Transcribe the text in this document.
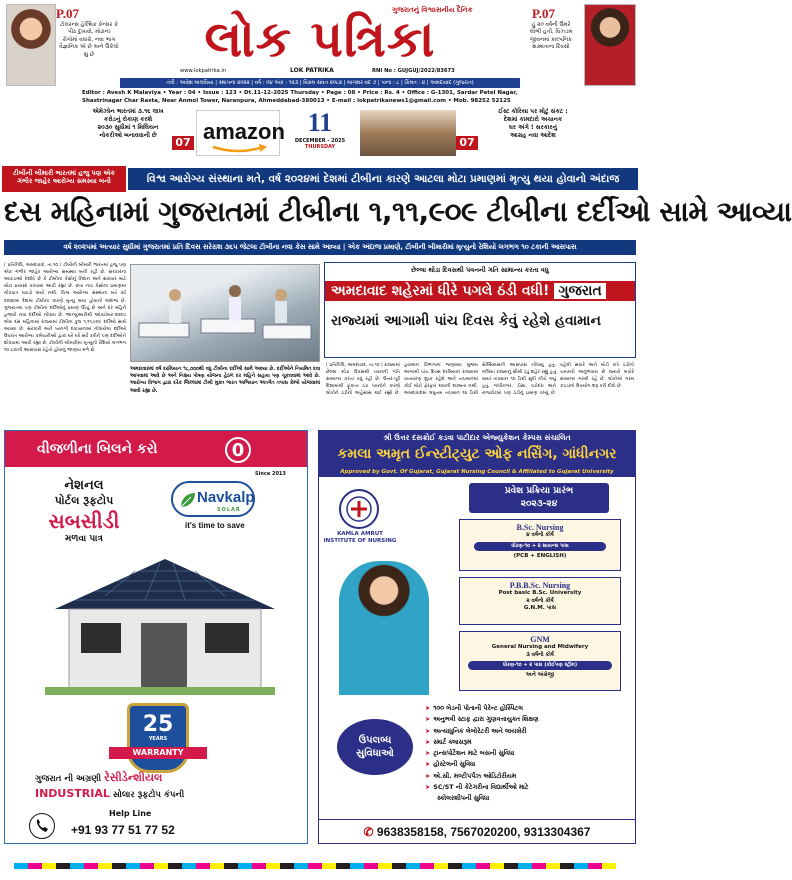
P.07
ટોલરન્સ હેલ્થિક કેન્સર કે
પીઠ દુખાવો, મોઢાના
રોગોમાં વધારો, નવા ભાગ
વૈજ્ઞાનિક એ છે અને ઉકેલો શું છે
P.07
હું ૨૦ વર્ષની ઉંમરે
લોભી હતી, વિઝડમ
જીવનમાં કાલ્પનિક
શક્યતાના દિવસો
ગુજરાતનું વિશ્વાસનીય દૈનિક
લોક પત્રિકા
www.lokpatrika.in	LOK PATRIKA	RNI No : GUJGUJ/2022/83673
તંત્રી : અવેશ માલવિયા | સ્થાપના ૨૦૨૨ | વર્ષ : ૦૪ અંક : ૧૨૩ | વિક્રમ સંવત ૨૦૮૨ | માગશર વદ ૭ | પાના : ૮ | કિંમત : ૪ | અમદાવાદ (ગુજરાત)
Editor : Avesh K Malaviya • Year : 04 • Issue : 123 • Dt.11-12-2025 Thursday • Page : 08 • Price : Rs. 4 • Office : G-1301, Sardar Patel Nagar,
Shastrinagar Char Rasta, Near Anmol Tower, Naranpura, Ahmeddabad-380013 • E-mail : lokpatrikanews1@gmail.com • Mob. 98252 52125
એમેઝોન ભારતમાં ૩.૧૬ લાખ
કરોડનું રોકાણ કરશે
૨૦૩૦ સુધીમાં ૧ મિલિયન
નોકરીઓ બનાવવાની છે
07 amazon 11
DECEMBER - 2025
THURSDAY	07
ઈસ્ટ કોરિયા પર મોટું સંકટ :
દેશમાં કામદારો અચાનક
ઘર અંગે ! સરકારનું
આગ્રહ નવા આદેશ
ટીબીની બીમારી ભારતમાં હજુ પણ એક ગંભીર જાહેર આરોગ્ય સમસ્યા બની	વિશ્વ આરોગ્ય સંસ્થાના મતે, વર્ષ ૨૦૨૪માં દેશમાં ટીબીના કારણે આટલા મોટા પ્રમાણમાં મૃત્યુ થયા હોવાનો અંદાજ
દસ મહિનામાં ગુજરાતમાં ટીબીના ૧,૧૧,૯૦૯ ટીબીના દર્દીઓ સામે આવ્યા
વર્ષ ૨૦૨૫માં અત્યાર સુધીમાં ગુજરાતમાં પ્રતિ દિવસ સરેરાશ ૩૬૫ જેટલા ટીબીના નવા કેસ સામે આવ્યા | એક અંદાજ પ્રમાણે, ટીબીની બીમારીમાં મૃત્યુનો રેશિયો લગભગ ૧૦ ટકાની આસપાસ
( પ્રતિનિધિ, અમદાવાદ, તા.૧૦ ) ટીબીની બીમારી ભારતમાં હજુ પણ એક ગંભીર જાહેર આરોગ્ય સમસ્યા બની રહી છે. સરકારના આંકડાઓ દર્શાવે છે કે ટીબીના કેસોનું નિદાન અને સારવાર માટે મોટા પ્રયાસો કરવામાં આવી રહ્યા છે. છતાં નવા કેસોના પ્રમાણમાં નોંધપાત્ર ઘટાડો થયો નથી. વિશ્વ આરોગ્ય સંસ્થાના મતે વર્ષ ૨૦૨૪માં દેશમાં ટીબીના કારણે મૃત્યુ થયા હોવાનો અંદાજ છે. ગુજરાતમાં પણ ટીબીના દર્દીઓનું પ્રમાણ ઊંચું છે અને દર મહિને હજારો નવા દર્દીઓ નોંધાય છે. જાન્યુઆરીથી ઓક્ટોબર-૨૦૨૫ એમ દસ મહિનામાં રાજ્યમાં ટીબીના કુલ ૧,૧૧,૯૦૯ દર્દીઓ સામે આવ્યા છે. સરકારી અને ખાનગી દવાખાનામાં નોંધાયેલા દર્દીઓ ઉપરાંત આરોગ્ય કર્મચારીઓ દ્વારા ઘરે ઘરે સર્વે કરીને પણ દર્દીઓને શોધવામાં આવી રહ્યા છે. ટીબીની બીમારીમાં મૃત્યુનો રેશિયો લગભગ ૧૦ ટકાની આસપાસ રહેતો હોવાનું જાણવા મળે છે.
અમદાવાદમાં વર્ષ દરમિયાન ૧૮,૦૦૦થી વધુ ટીબીના દર્દીઓ સામે આવ્યા છે. દર્દીઓને નિયમિત દવા આપવામાં આવે છે અને નિક્ષય પોષણ યોજના હેઠળ દર મહિને સહાય પણ ચૂકવવામાં આવે છે. આરોગ્ય વિભાગ દ્વારા દરેક જિલ્લામાં ટીબી મુક્ત ભારત અભિયાન અંતર્ગત તપાસ કેમ્પો યોજવામાં આવી રહ્યા છે.
છેલ્લા થોડા દિવસથી પવનની ગતિ સામાન્ય કરતા વધુ
અમદાવાદ શહેરમાં ધીરે પગલે ઠંડી વધી! ગુજરાત
રાજ્યમાં આગામી પાંચ દિવસ કેવું રહેશે હવામાન
( પ્રતિનિધિ, અમદાવાદ, તા.૧૦ ) રાજ્યમાં છેલ્લા થોડા દિવસથી પવનની ગતિ સામાન્ય કરતાં વધુ રહી છે. ઉત્તર-પૂર્વ દિશામાંથી ફૂંકાતા ઠંડા પવનોને કારણે લોકોને ઠંડીનો અહેસાસ થઈ રહ્યો છે. હવામાન વિભાગના જણાવ્યા મુજબ આગામી પાંચ દિવસ દરમિયાન રાજ્યમાં વાતાવરણ શુષ્ક રહેશે અને તાપમાનમાં કોઈ મોટો ફેરફાર થવાની શક્યતા નથી. અમદાવાદમાં લઘુત્તમ તાપમાન ૧૪ ડિગ્રી સેલ્સિયસની આસપાસ નોંધાયું હતું. નલિયા રાજ્યનું સૌથી ઠંડું શહેર રહ્યું હતું જ્યાં તાપમાન ૧૦ ડિગ્રી સુધી નીચે ગયું હતું. ગાંધીનગર, ડીસા, વડોદરા અને રાજકોટમાં પણ ઠંડીનું પ્રમાણ વધ્યું છે. વહેલી સવારે અને મોડી રાત્રે ઠંડીનો ચમકારો અનુભવાય છે જ્યારે બપોરે સામાન્ય ગરમી રહે છે. લોકોએ ગરમ કપડાંનો ઉપયોગ શરૂ કરી દીધો છે.
વીજળીના બિલને કરો	0
Since 2013
Navkalp
SOLAR
it's time to save
નેશનલ
પોર્ટલ રૂફટોપ
સબસીડી
મળવા પાત્ર
25
YEARS
WARRANTY
ગુજરાત ની અગ્રણી રેસીડેન્શીયલ
INDUSTRIAL સોલાર રૂફટોપ કંપની
Help Line
+91 93 77 51 77 52
શ્રી ઉત્તર દસક્રોઈ કડવા પાટીદાર એજ્યુકેશન કેમ્પસ સંચાલિત
કમલા અમૃત ઈન્સ્ટીટ્યુટ ઓફ નર્સિંગ, ગાંધીનગર
Approved by Govt. Of Gujarat, Gujarat Nursing Council & Affiliated to Gujarat University
KAMLA AMRUT
INSTITUTE OF NURSING
પ્રવેશ પ્રક્રિયા પ્રારંભ
૨૦૨૩-૨૪
B.Sc. Nursing
૪ વર્ષનો કોર્ષ
ધોરણ-૧૦ + ૨ સાયન્સ પાસ
(PCB + ENGLISH)
P.B.B.Sc. Nursing
Post basic B.Sc. University
૨ વર્ષનો કોર્ષ
G.N.M. પાસ
GNM
General Nursing and Midwifery
૩ વર્ષનો કોર્ષ
ધોરણ-૧૦ + ૨ પાસ (કોઈપણ સ્ટ્રીમ)
અને અંગ્રેજી
ઉપલબ્ધ
સુવિધાઓ
➤ ૧૦૦ બેડની પોતાની પેરેન્ટ હોસ્પિટલ
➤ અનુભવી સ્ટાફ દ્વારા ગુણવત્તાયુક્ત શિક્ષણ
➤ અત્યાધુનિક લેબોરેટરી અને લાયબ્રેરી
➤ સ્માર્ટ ક્લાસરૂમ
➤ ટ્રાન્સપોર્ટેશન માટે બસની સુવિધા
➤ હોસ્ટેલની સુવિધા
➤ એ.સી. મલ્ટીપર્પઝ ઓડિટોરીયમ
➤ SC/ST ની કેટેગરીના વિદ્યાર્થીઓ માટે
સ્કોલરશીપની સુવિધા
✆ 9638358158, 7567020200, 9313304367
